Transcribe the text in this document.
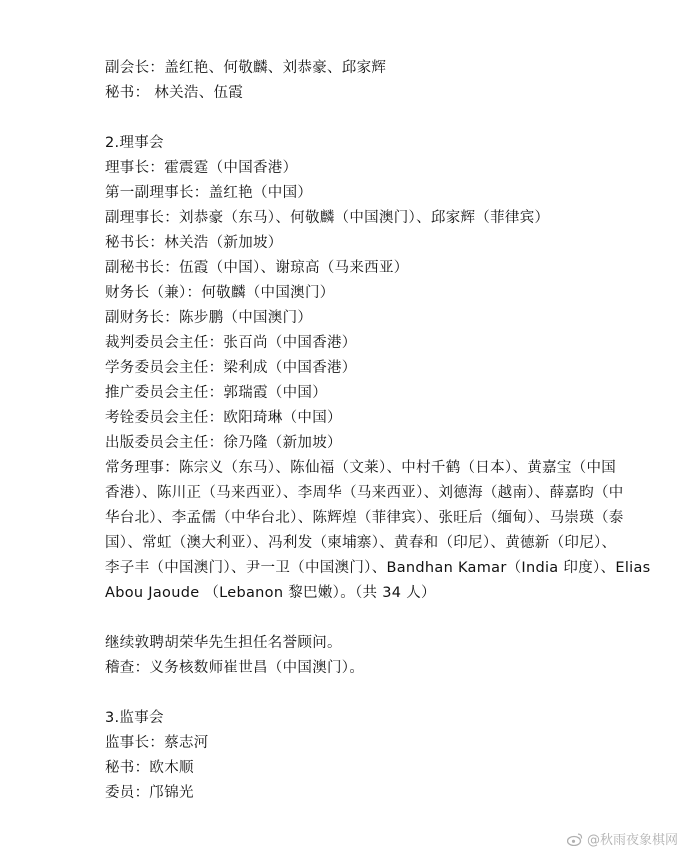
副会长：盖红艳、何敬麟、刘恭豪、邱家辉
秘书： 林关浩、伍霞
2.理事会
理事长：霍震霆（中国香港）
第一副理事长：盖红艳（中国）
副理事长：刘恭豪（东马）、何敬麟（中国澳门）、邱家辉（菲律宾）
秘书长：林关浩（新加坡）
副秘书长：伍霞（中国）、谢琼高（马来西亚）
财务长（兼）：何敬麟（中国澳门）
副财务长：陈步鹏（中国澳门）
裁判委员会主任：张百尚（中国香港）
学务委员会主任：梁利成（中国香港）
推广委员会主任：郭瑞霞（中国）
考铨委员会主任：欧阳琦琳（中国）
出版委员会主任：徐乃隆（新加坡）
常务理事：陈宗义（东马）、陈仙福（文莱）、中村千鹤（日本）、黄嘉宝（中国
香港）、陈川正（马来西亚）、李周华（马来西亚）、刘德海（越南）、薛嘉昀（中
华台北）、李孟儒（中华台北）、陈辉煌（菲律宾）、张旺后（缅甸）、马崇瑛（泰
国）、常虹（澳大利亚）、冯利发（柬埔寨）、黄春和（印尼）、黄德新（印尼）、
李子丰（中国澳门）、尹一卫（中国澳门）、Bandhan Kamar（India 印度）、Elias
Abou Jaoude （Lebanon 黎巴嫩）。（共 34 人）
继续敦聘胡荣华先生担任名誉顾问。
稽查：义务核数师崔世昌（中国澳门）。
3.监事会
监事长：蔡志河
秘书：欧木顺
委员：邝锦光
@秋雨夜象棋网
